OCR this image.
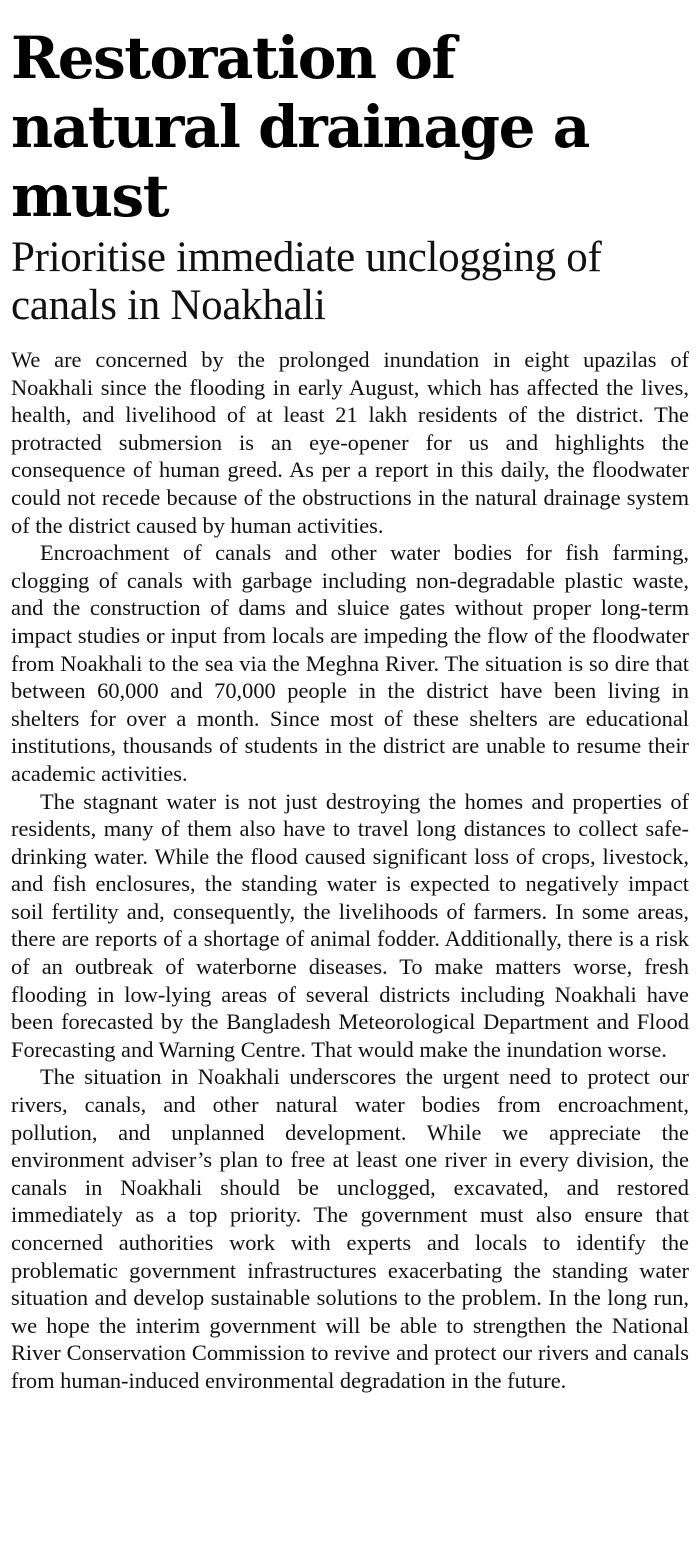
Restoration of natural drainage a must
Prioritise immediate unclogging of canals in Noakhali

We are concerned by the prolonged inundation in eight upazilas of Noakhali since the flooding in early August, which has affected the lives, health, and livelihood of at least 21 lakh residents of the district. The protracted submersion is an eye-opener for us and highlights the consequence of human greed. As per a report in this daily, the floodwater could not recede because of the obstructions in the natural drainage system of the district caused by human activities.

Encroachment of canals and other water bodies for fish farming, clogging of canals with garbage including non-degradable plastic waste, and the construction of dams and sluice gates without proper long-term impact studies or input from locals are impeding the flow of the floodwater from Noakhali to the sea via the Meghna River. The situation is so dire that between 60,000 and 70,000 people in the district have been living in shelters for over a month. Since most of these shelters are educational institutions, thousands of students in the district are unable to resume their academic activities.

The stagnant water is not just destroying the homes and properties of residents, many of them also have to travel long distances to collect safe-drinking water. While the flood caused significant loss of crops, livestock, and fish enclosures, the standing water is expected to negatively impact soil fertility and, consequently, the livelihoods of farmers. In some areas, there are reports of a shortage of animal fodder. Additionally, there is a risk of an outbreak of waterborne diseases. To make matters worse, fresh flooding in low-lying areas of several districts including Noakhali have been forecasted by the Bangladesh Meteorological Department and Flood Forecasting and Warning Centre. That would make the inundation worse.

The situation in Noakhali underscores the urgent need to protect our rivers, canals, and other natural water bodies from encroachment, pollution, and unplanned development. While we appreciate the environment adviser’s plan to free at least one river in every division, the canals in Noakhali should be unclogged, excavated, and restored immediately as a top priority. The government must also ensure that concerned authorities work with experts and locals to identify the problematic government infrastructures exacerbating the standing water situation and develop sustainable solutions to the problem. In the long run, we hope the interim government will be able to strengthen the National River Conservation Commission to revive and protect our rivers and canals from human-induced environmental degradation in the future.
